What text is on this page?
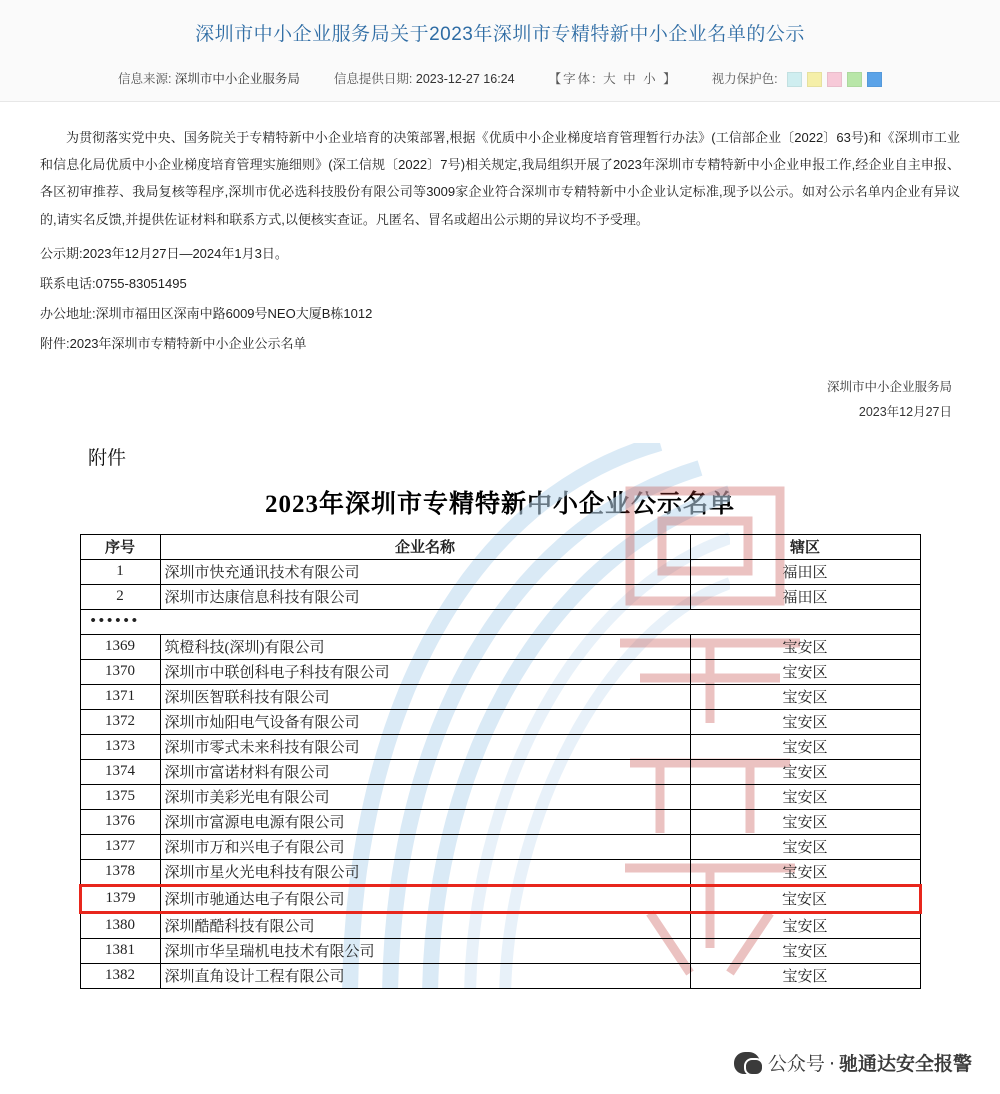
深圳市中小企业服务局关于2023年深圳市专精特新中小企业名单的公示
信息来源: 深圳市中小企业服务局	信息提供日期: 2023-12-27 16:24	【字体: 大 中 小 】	视力保护色:

为贯彻落实党中央、国务院关于专精特新中小企业培育的决策部署,根据《优质中小企业梯度培育管理暂行办法》(工信部企业〔2022〕63号)和《深圳市工业和信息化局优质中小企业梯度培育管理实施细则》(深工信规〔2022〕7号)相关规定,我局组织开展了2023年深圳市专精特新中小企业申报工作,经企业自主申报、各区初审推荐、我局复核等程序,深圳市优必选科技股份有限公司等3009家企业符合深圳市专精特新中小企业认定标准,现予以公示。如对公示名单内企业有异议的,请实名反馈,并提供佐证材料和联系方式,以便核实查证。凡匿名、冒名或超出公示期的异议均不予受理。

公示期:2023年12月27日—2024年1月3日。

联系电话:0755-83051495

办公地址:深圳市福田区深南中路6009号NEO大厦B栋1012

附件:2023年深圳市专精特新中小企业公示名单

深圳市中小企业服务局
2023年12月27日
附件
2023年深圳市专精特新中小企业公示名单
序号	企业名称	辖区
1	深圳市快充通讯技术有限公司	福田区
2	深圳市达康信息科技有限公司	福田区
••••••		
1369	筑橙科技(深圳)有限公司	宝安区
1370	深圳市中联创科电子科技有限公司	宝安区
1371	深圳医智联科技有限公司	宝安区
1372	深圳市灿阳电气设备有限公司	宝安区
1373	深圳市零式未来科技有限公司	宝安区
1374	深圳市富诺材料有限公司	宝安区
1375	深圳市美彩光电有限公司	宝安区
1376	深圳市富源电电源有限公司	宝安区
1377	深圳市万和兴电子有限公司	宝安区
1378	深圳市星火光电科技有限公司	宝安区
1379	深圳市驰通达电子有限公司	宝安区
1380	深圳酷酷科技有限公司	宝安区
1381	深圳市华呈瑞机电技术有限公司	宝安区
1382	深圳直角设计工程有限公司	宝安区
公众号 · 驰通达安全报警
